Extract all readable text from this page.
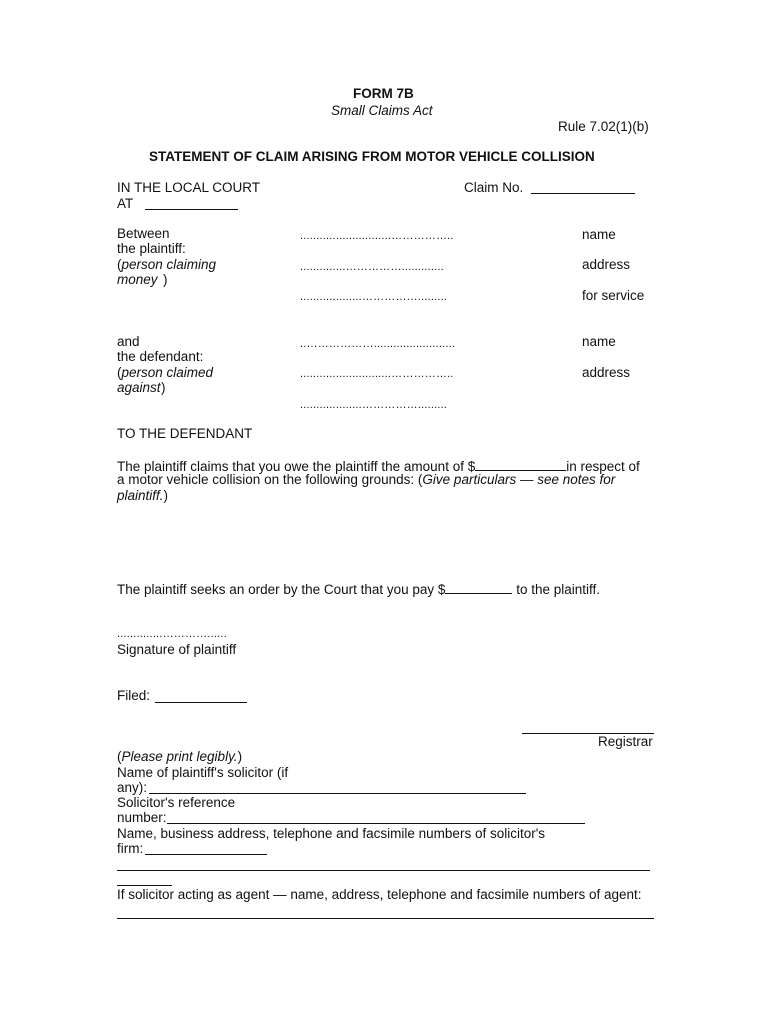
FORM 7B
Small Claims Act
Rule 7.02(1)(b)
STATEMENT OF CLAIM ARISING FROM MOTOR VEHICLE COLLISION
IN THE LOCAL COURT
AT
Claim No.
Between
the plaintiff:
(person claiming
money )
............................……………..
..............…………….............
...................…………….........
name
address
for service
and
the defendant:
(person claimed
against )
..……………….........................
............................……………..
...................…………….........
name
address
TO THE DEFENDANT
The plaintiff claims that you owe the plaintiff the amount of $	in respect of
a motor vehicle collision on the following grounds: (Give particulars — see notes for
plaintiff.)
The plaintiff seeks an order by the Court that you pay $	to the plaintiff.
..............…………......
Signature of plaintiff
Filed:
Registrar
(Please print legibly.)
Name of plaintiff's solicitor (if
any):
Solicitor's reference
number:
Name, business address, telephone and facsimile numbers of solicitor's
firm:
If solicitor acting as agent — name, address, telephone and facsimile numbers of agent:
